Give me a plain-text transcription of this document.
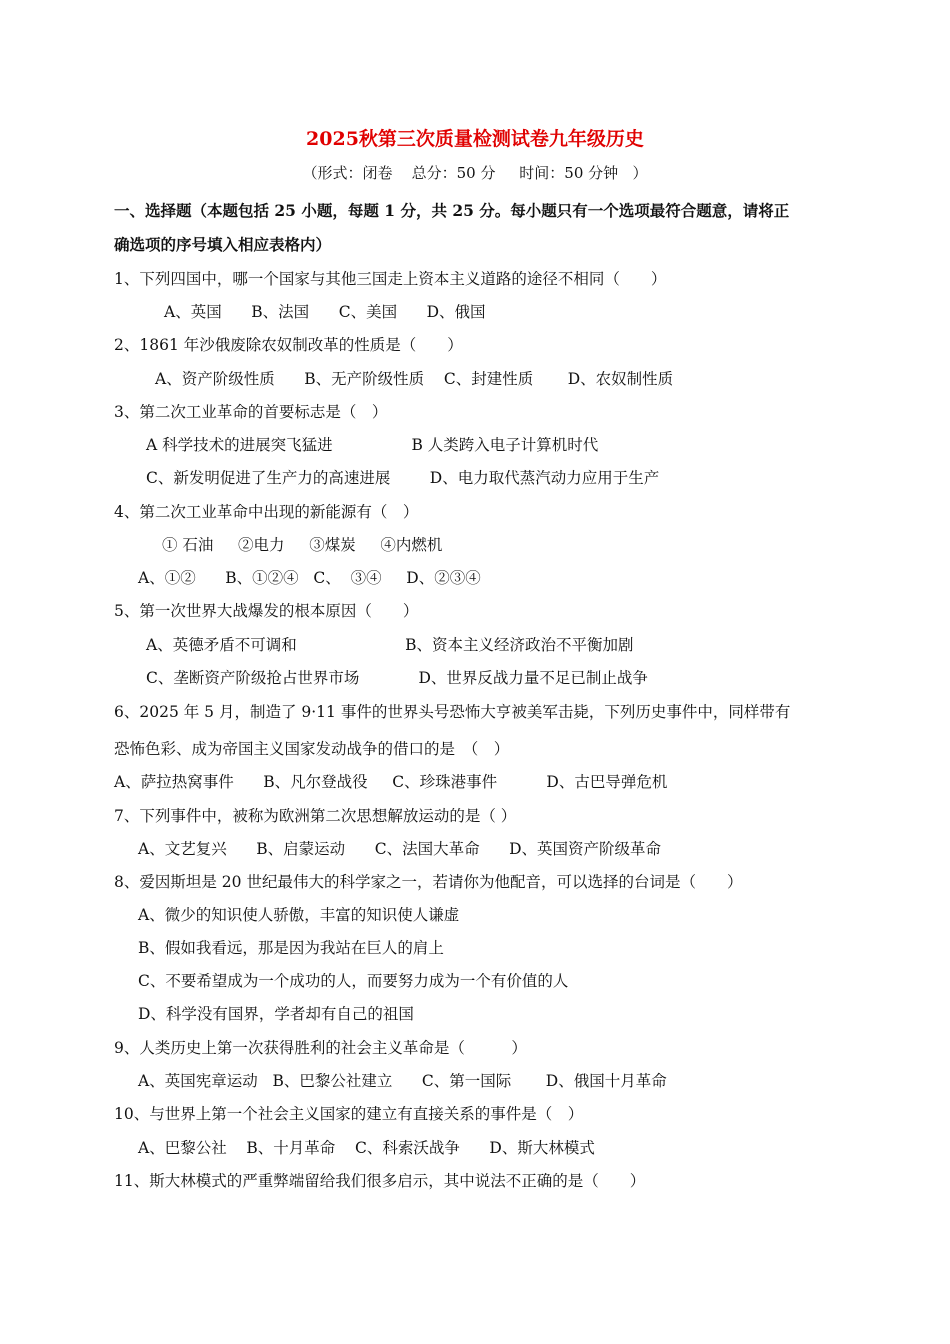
2025秋第三次质量检测试卷九年级历史
（形式：闭卷    总分：50 分     时间：50 分钟   ）
一、选择题（本题包括 25 小题，每题 1 分，共 25 分。每小题只有一个选项最符合题意，请将正
确选项的序号填入相应表格内）
1、下列四国中，哪一个国家与其他三国走上资本主义道路的途径不相同（　　）
A、英国      B、法国      C、美国      D、俄国
2、1861 年沙俄废除农奴制改革的性质是（　　）
A、资产阶级性质      B、无产阶级性质    C、封建性质       D、农奴制性质
3、第二次工业革命的首要标志是（　）
A 科学技术的进展突飞猛进                B 人类跨入电子计算机时代
C、新发明促进了生产力的高速进展        D、电力取代蒸汽动力应用于生产
4、第二次工业革命中出现的新能源有（　）
① 石油     ②电力     ③煤炭     ④内燃机
A、①②      B、①②④   C、  ③④     D、②③④
5、第一次世界大战爆发的根本原因（　　）
A、英德矛盾不可调和                      B、资本主义经济政治不平衡加剧
C、垄断资产阶级抢占世界市场            D、世界反战力量不足已制止战争
6、2025 年 5 月，制造了 9·11 事件的世界头号恐怖大亨被美军击毙，下列历史事件中，同样带有
恐怖色彩、成为帝国主义国家发动战争的借口的是　（　）
A、萨拉热窝事件      B、凡尔登战役     C、珍珠港事件          D、古巴导弹危机
7、下列事件中，被称为欧洲第二次思想解放运动的是（ ）
A、文艺复兴      B、启蒙运动      C、法国大革命      D、英国资产阶级革命
8、爱因斯坦是 20 世纪最伟大的科学家之一，若请你为他配音，可以选择的台词是（　　）
A、微少的知识使人骄傲，丰富的知识使人谦虚
B、假如我看远，那是因为我站在巨人的肩上
C、不要希望成为一个成功的人，而要努力成为一个有价值的人
D、科学没有国界，学者却有自己的祖国
9、人类历史上第一次获得胜利的社会主义革命是（　　　）
A、英国宪章运动   B、巴黎公社建立      C、第一国际       D、俄国十月革命
10、与世界上第一个社会主义国家的建立有直接关系的事件是（　）
A、巴黎公社    B、十月革命    C、科索沃战争      D、斯大林模式
11、斯大林模式的严重弊端留给我们很多启示，其中说法不正确的是（　　）
